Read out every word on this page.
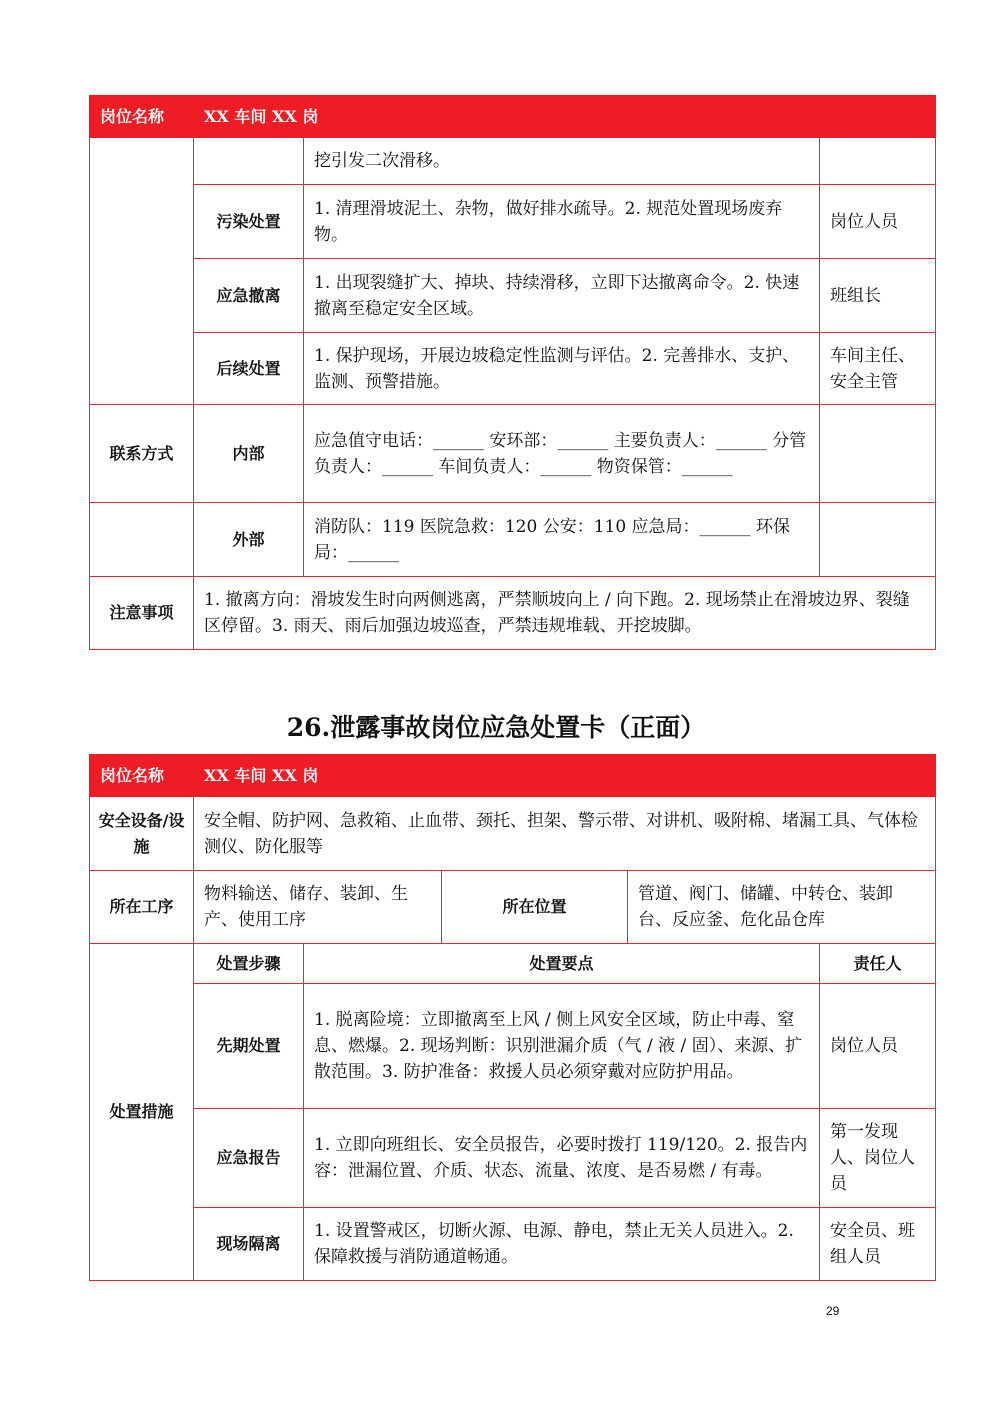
岗位名称	XX 车间 XX 岗		
		挖引发二次滑移。	
	污染处置	1. 清理滑坡泥土、杂物，做好排水疏导。2. 规范处置现场废弃物。	岗位人员
	应急撤离	1. 出现裂缝扩大、掉块、持续滑移，立即下达撤离命令。2. 快速撤离至稳定安全区域。	班组长
	后续处置	1. 保护现场，开展边坡稳定性监测与评估。2. 完善排水、支护、监测、预警措施。	车间主任、安全主管
联系方式	内部	应急值守电话：______ 安环部：______ 主要负责人：______ 分管负责人：______ 车间负责人：______ 物资保管：______	
	外部	消防队：119 医院急救：120 公安：110 应急局：______ 环保局：______	
注意事项	1. 撤离方向：滑坡发生时向两侧逃离，严禁顺坡向上 / 向下跑。2. 现场禁止在滑坡边界、裂缝区停留。3. 雨天、雨后加强边坡巡查，严禁违规堆载、开挖坡脚。		
26.泄露事故岗位应急处置卡（正面）
岗位名称	XX 车间 XX 岗				
安全设备/设施	安全帽、防护网、急救箱、止血带、颈托、担架、警示带、对讲机、吸附棉、堵漏工具、气体检测仪、防化服等				
所在工序	物料输送、储存、装卸、生产、使用工序		所在位置	管道、阀门、储罐、中转仓、装卸台、反应釜、危化品仓库	
处置措施	处置步骤	处置要点			责任人
	先期处置	1. 脱离险境：立即撤离至上风 / 侧上风安全区域，防止中毒、窒息、燃爆。2. 现场判断：识别泄漏介质（气 / 液 / 固）、来源、扩散范围。3. 防护准备：救援人员必须穿戴对应防护用品。			岗位人员
	应急报告	1. 立即向班组长、安全员报告，必要时拨打 119/120。2. 报告内容：泄漏位置、介质、状态、流量、浓度、是否易燃 / 有毒。			第一发现人、岗位人员
	现场隔离	1. 设置警戒区，切断火源、电源、静电，禁止无关人员进入。2. 保障救援与消防通道畅通。			安全员、班组人员
29
